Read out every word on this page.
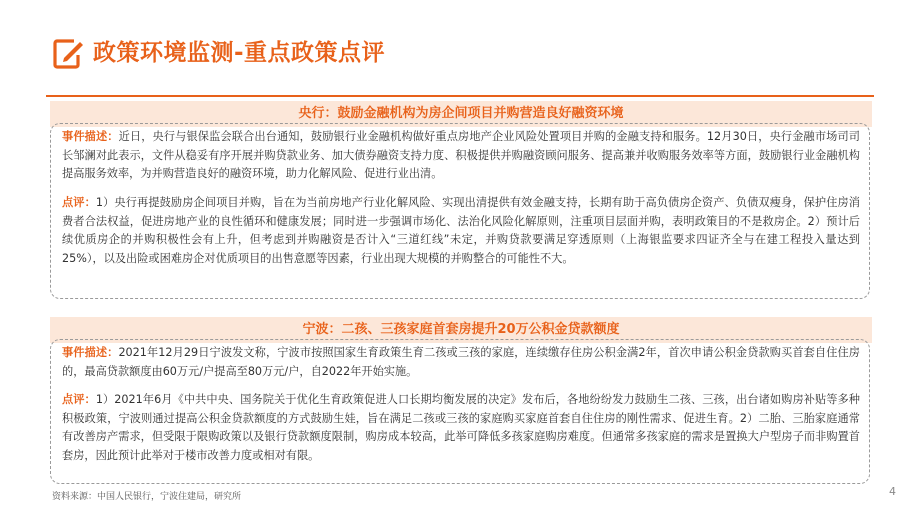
政策环境监测-重点政策点评
央行：鼓励金融机构为房企间项目并购营造良好融资环境
事件描述：近日，央行与银保监会联合出台通知，鼓励银行业金融机构做好重点房地产企业风险处置项目并购的金融支持和服务。12月30日，央行金融市场司司长邹澜对此表示，文件从稳妥有序开展并购贷款业务、加大债券融资支持力度、积极提供并购融资顾问服务、提高兼并收购服务效率等方面，鼓励银行业金融机构提高服务效率，为并购营造良好的融资环境，助力化解风险、促进行业出清。
点评：1）央行再提鼓励房企间项目并购，旨在为当前房地产行业化解风险、实现出清提供有效金融支持，长期有助于高负债房企资产、负债双瘦身，保护住房消费者合法权益，促进房地产业的良性循环和健康发展；同时进一步强调市场化、法治化风险化解原则，注重项目层面并购，表明政策目的不是救房企。2）预计后续优质房企的并购积极性会有上升，但考虑到并购融资是否计入“三道红线”未定，并购贷款要满足穿透原则（上海银监要求四证齐全与在建工程投入量达到25%），以及出险或困难房企对优质项目的出售意愿等因素，行业出现大规模的并购整合的可能性不大。
宁波：二孩、三孩家庭首套房提升20万公积金贷款额度
事件描述：2021年12月29日宁波发文称，宁波市按照国家生育政策生育二孩或三孩的家庭，连续缴存住房公积金满2年，首次申请公积金贷款购买首套自住住房的，最高贷款额度由60万元/户提高至80万元/户，自2022年开始实施。
点评：1）2021年6月《中共中央、国务院关于优化生育政策促进人口长期均衡发展的决定》发布后，各地纷纷发力鼓励生二孩、三孩，出台诸如购房补贴等多种积极政策，宁波则通过提高公积金贷款额度的方式鼓励生娃，旨在满足二孩或三孩的家庭购买家庭首套自住住房的刚性需求、促进生育。2）二胎、三胎家庭通常有改善房产需求，但受限于限购政策以及银行贷款额度限制，购房成本较高，此举可降低多孩家庭购房难度。但通常多孩家庭的需求是置换大户型房子而非购置首套房，因此预计此举对于楼市改善力度或相对有限。
资料来源：中国人民银行，宁波住建局，研究所	4
